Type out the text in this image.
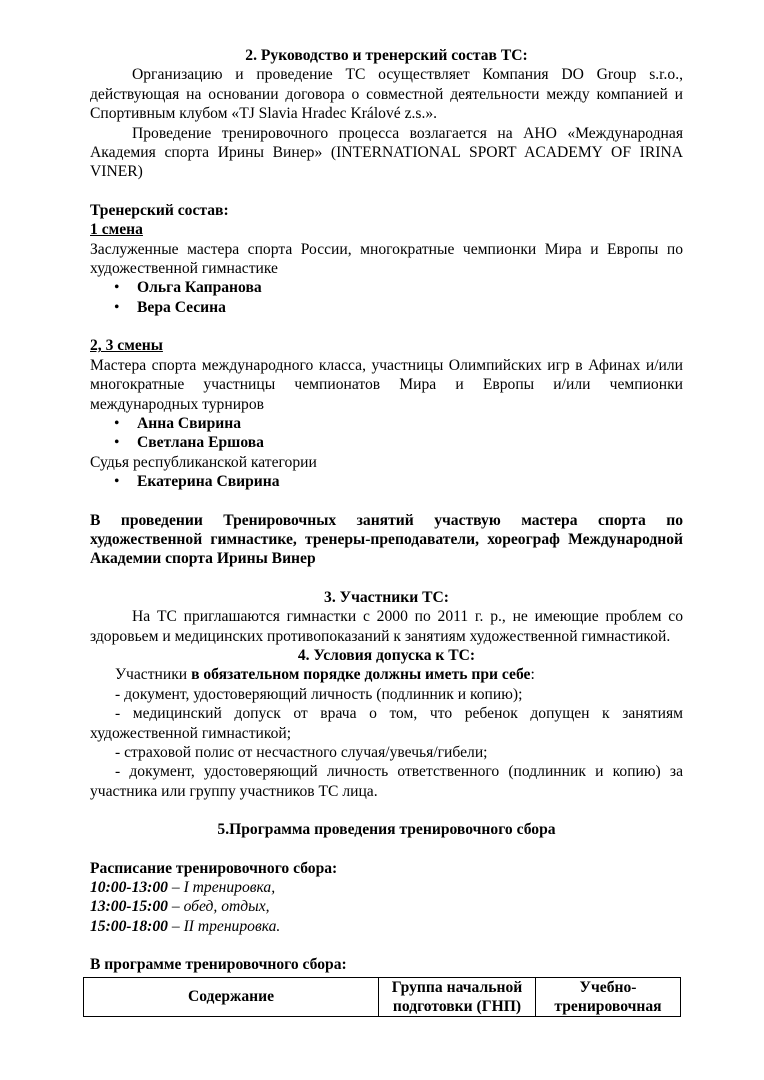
2. Руководство и тренерский состав ТС:

Организацию и проведение ТС осуществляет Компания DO Group s.r.o., действующая на основании договора о совместной деятельности между компанией и Спортивным клубом «TJ Slavia Hradec Králové z.s.».

Проведение тренировочного процесса возлагается на АНО «Международная Академия спорта Ирины Винер» (INTERNATIONAL SPORT ACADEMY OF IRINA VINER)

Тренерский состав:

1 смена

Заслуженные мастера спорта России, многократные чемпионки Мира и Европы по художественной гимнастике

• Ольга Капранова

• Вера Сесина

2, 3 смены

Мастера спорта международного класса, участницы Олимпийских игр в Афинах и/или многократные участницы чемпионатов Мира и Европы и/или чемпионки международных турниров

• Анна Свирина

• Светлана Ершова

Судья республиканской категории

• Екатерина Свирина

В проведении Тренировочных занятий участвую мастера спорта по художественной гимнастике, тренеры-преподаватели, хореограф Международной Академии спорта Ирины Винер

3. Участники ТС:

На ТС приглашаются гимнастки с 2000 по 2011 г. р., не имеющие проблем со здоровьем и медицинских противопоказаний к занятиям художественной гимнастикой.

4. Условия допуска к ТС:

Участники в обязательном порядке должны иметь при себе:

- документ, удостоверяющий личность (подлинник и копию);

- медицинский допуск от врача о том, что ребенок допущен к занятиям художественной гимнастикой;

- страховой полис от несчастного случая/увечья/гибели;

- документ, удостоверяющий личность ответственного (подлинник и копию) за участника или группу участников ТС лица.

5.Программа проведения тренировочного сбора

Расписание тренировочного сбора:

10:00-13:00 – I тренировка,

13:00-15:00 – обед, отдых,

15:00-18:00 – II тренировка.

В программе тренировочного сбора:

Содержание	Группа начальной подготовки (ГНП)	Учебно-тренировочная
